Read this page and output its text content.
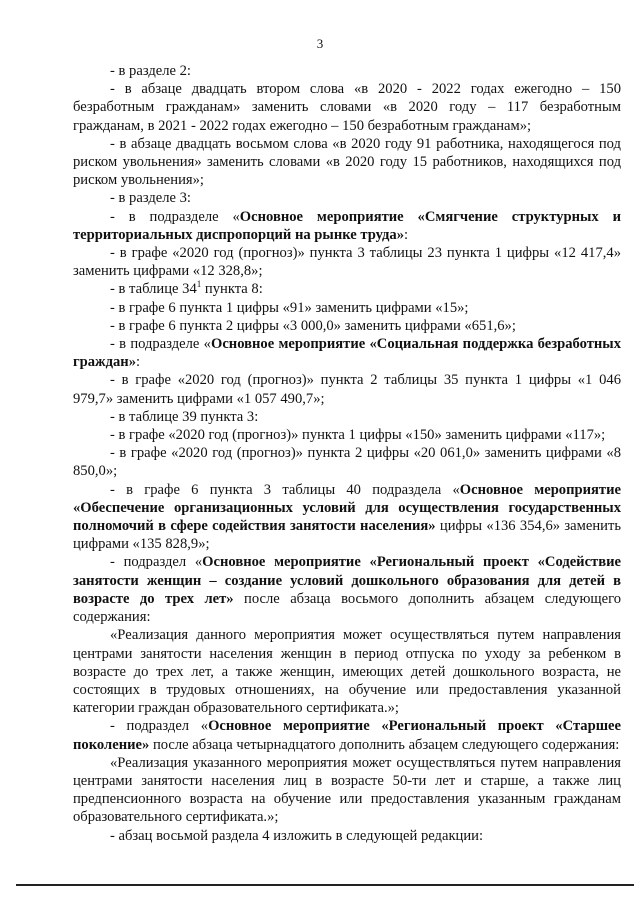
3

- в разделе 2:

- в абзаце двадцать втором слова «в 2020 - 2022 годах ежегодно – 150 безработным гражданам» заменить словами «в 2020 году – 117 безработным гражданам, в 2021 - 2022 годах ежегодно – 150 безработным гражданам»;

- в абзаце двадцать восьмом слова «в 2020 году 91 работника, находящегося под риском увольнения» заменить словами «в 2020 году 15 работников, находящихся под риском увольнения»;

- в разделе 3:

- в подразделе «Основное мероприятие «Смягчение структурных и территориальных диспропорций на рынке труда»:

- в графе «2020 год (прогноз)» пункта 3 таблицы 23 пункта 1 цифры «12 417,4» заменить цифрами «12 328,8»;

- в таблице $34^1$ пункта 8:

- в графе 6 пункта 1 цифры «91» заменить цифрами «15»;

- в графе 6 пункта 2 цифры «3 000,0» заменить цифрами «651,6»;

- в подразделе «Основное мероприятие «Социальная поддержка безработных граждан»:

- в графе «2020 год (прогноз)» пункта 2 таблицы 35 пункта 1 цифры «1 046 979,7» заменить цифрами «1 057 490,7»;

- в таблице 39 пункта 3:

- в графе «2020 год (прогноз)» пункта 1 цифры «150» заменить цифрами «117»;

- в графе «2020 год (прогноз)» пункта 2 цифры «20 061,0» заменить цифрами «8 850,0»;

- в графе 6 пункта 3 таблицы 40 подраздела «Основное мероприятие «Обеспечение организационных условий для осуществления государственных полномочий в сфере содействия занятости населения» цифры «136 354,6» заменить цифрами «135 828,9»;

- подраздел «Основное мероприятие «Региональный проект «Содействие занятости женщин – создание условий дошкольного образования для детей в возрасте до трех лет» после абзаца восьмого дополнить абзацем следующего содержания:

«Реализация данного мероприятия может осуществляться путем направления центрами занятости населения женщин в период отпуска по уходу за ребенком в возрасте до трех лет, а также женщин, имеющих детей дошкольного возраста, не состоящих в трудовых отношениях, на обучение или предоставления указанной категории граждан образовательного сертификата.»;

- подраздел «Основное мероприятие «Региональный проект «Старшее поколение» после абзаца четырнадцатого дополнить абзацем следующего содержания:

«Реализация указанного мероприятия может осуществляться путем направления центрами занятости населения лиц в возрасте 50-ти лет и старше, а также лиц предпенсионного возраста на обучение или предоставления указанным гражданам образовательного сертификата.»;

- абзац восьмой раздела 4 изложить в следующей редакции:
